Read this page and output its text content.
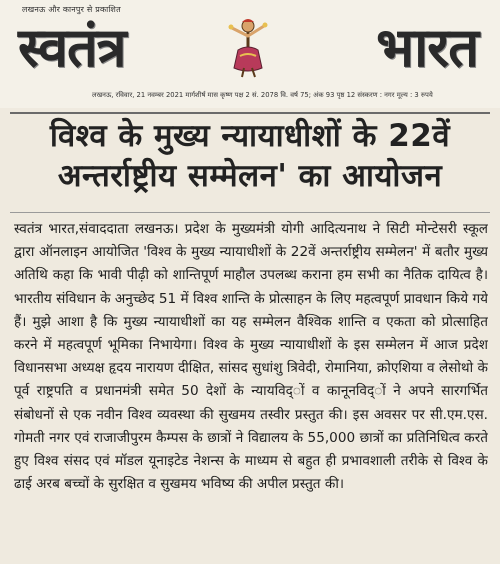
लखनऊ और कानपुर से प्रकाशित
स्वतंत्र	भारत
लखनऊ, रविवार, 21 नवम्बर 2021 मार्गशीर्ष मास कृष्ण पक्ष 2 सं. 2078 वि. वर्ष 75; अंक 93 पृष्ठ 12 संस्करण : नगर मूल्य : 3 रुपये
विश्व के मुख्य न्यायाधीशों के 22वें
अन्तर्राष्ट्रीय सम्मेलन' का आयोजन

स्वतंत्र भारत,संवाददाता लखनऊ। प्रदेश के मुख्यमंत्री योगी आदित्यनाथ ने सिटी मोन्टेसरी स्कूल द्वारा ऑनलाइन आयोजित 'विश्व के मुख्य न्यायाधीशों के 22वें अन्तर्राष्ट्रीय सम्मेलन' में बतौर मुख्य अतिथि कहा कि भावी पीढ़ी को शान्तिपूर्ण माहौल उपलब्ध कराना हम सभी का नैतिक दायित्व है। भारतीय संविधान के अनुच्छेद 51 में विश्व शान्ति के प्रोत्साहन के लिए महत्वपूर्ण प्रावधान किये गये हैं। मुझे आशा है कि मुख्य न्यायाधीशों का यह सम्मेलन वैश्विक शान्ति व एकता को प्रोत्साहित करने में महत्वपूर्ण भूमिका निभायेगा। विश्व के मुख्य न्यायाधीशों के इस सम्मेलन में आज प्रदेश विधानसभा अध्यक्ष हृदय नारायण दीक्षित, सांसद सुधांशु त्रिवेदी, रोमानिया, क्रोएशिया व लेसोथो के पूर्व राष्ट्रपति व प्रधानमंत्री समेत 50 देशों के न्यायविद्ों व कानूनविद्ों ने अपने सारगर्भित संबोधनों से एक नवीन विश्व व्यवस्था की सुखमय तस्वीर प्रस्तुत की। इस अवसर पर सी.एम.एस. गोमती नगर एवं राजाजीपुरम कैम्पस के छात्रों ने विद्यालय के 55,000 छात्रों का प्रतिनिधित्व करते हुए विश्व संसद एवं मॉडल यूनाइटेड नेशन्स के माध्यम से बहुत ही प्रभावशाली तरीके से विश्व के ढाई अरब बच्चों के सुरक्षित व सुखमय भविष्य की अपील प्रस्तुत की।
